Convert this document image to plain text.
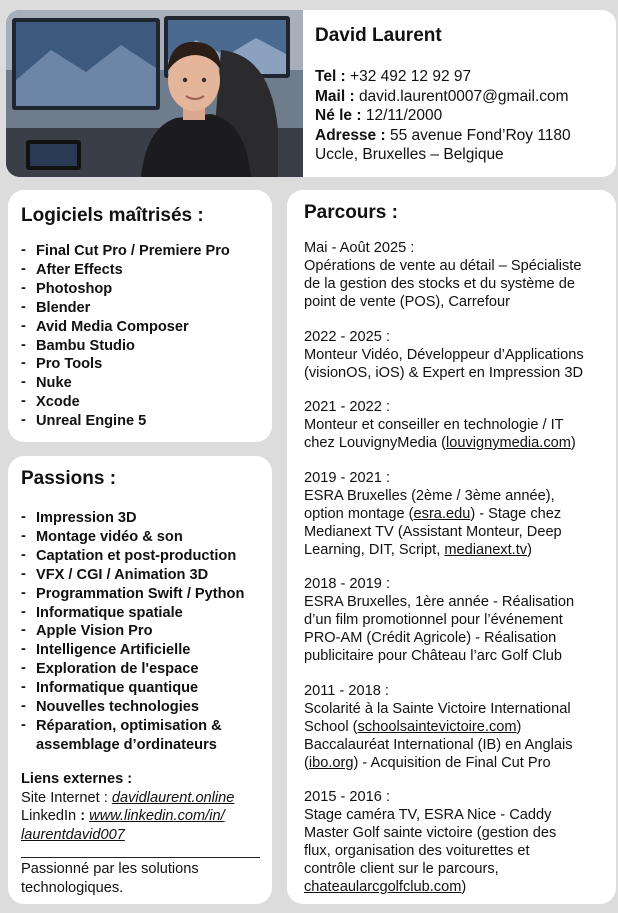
David Laurent
Tel : +32 492 12 92 97
Mail : david.laurent0007@gmail.com
Né le : 12/11/2000
Adresse : 55 avenue Fond’Roy 1180
Uccle, Bruxelles – Belgique
Logiciels maîtrisés :
- Final Cut Pro / Premiere Pro
- After Effects
- Photoshop
- Blender
- Avid Media Composer
- Bambu Studio
- Pro Tools
- Nuke
- Xcode
- Unreal Engine 5
Passions :
- Impression 3D
- Montage vidéo & son
- Captation et post-production
- VFX / CGI / Animation 3D
- Programmation Swift / Python
- Informatique spatiale
- Apple Vision Pro
- Intelligence Artificielle
- Exploration de l'espace
- Informatique quantique
- Nouvelles technologies
- Réparation, optimisation &
assemblage d’ordinateurs
Liens externes :
Site Internet : davidlaurent.online
LinkedIn : www.linkedin.com/in/
laurentdavid007
Passionné par les solutions
technologiques.
Parcours :
Mai - Août 2025 :
Opérations de vente au détail – Spécialiste
de la gestion des stocks et du système de
point de vente (POS), Carrefour
2022 - 2025 :
Monteur Vidéo, Développeur d’Applications
(visionOS, iOS) & Expert en Impression 3D
2021 - 2022 :
Monteur et conseiller en technologie / IT
chez LouvignyMedia (louvignymedia.com)
2019 - 2021 :
ESRA Bruxelles (2ème / 3ème année),
option montage (esra.edu) - Stage chez
Medianext TV (Assistant Monteur, Deep
Learning, DIT, Script, medianext.tv)
2018 - 2019 :
ESRA Bruxelles, 1ère année - Réalisation
d’un film promotionnel pour l’événement
PRO-AM (Crédit Agricole) - Réalisation
publicitaire pour Château l’arc Golf Club
2011 - 2018 :
Scolarité à la Sainte Victoire International
School (schoolsaintevictoire.com)
Baccalauréat International (IB) en Anglais
(ibo.org) - Acquisition de Final Cut Pro
2015 - 2016 :
Stage caméra TV, ESRA Nice - Caddy
Master Golf sainte victoire (gestion des
flux, organisation des voiturettes et
contrôle client sur le parcours,
chateaularcgolfclub.com)
